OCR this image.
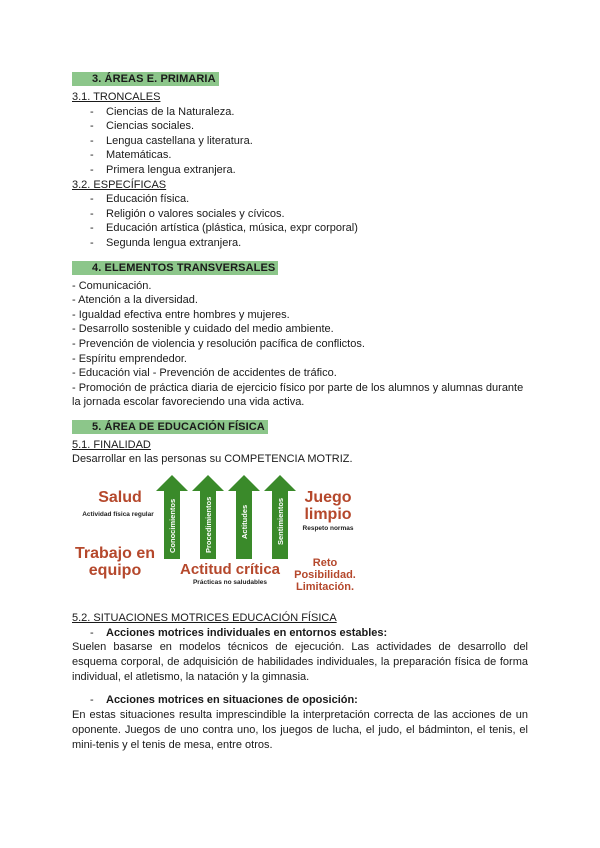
3. ÁREAS E. PRIMARIA
3.1. TRONCALES
- Ciencias de la Naturaleza.
- Ciencias sociales.
- Lengua castellana y literatura.
- Matemáticas.
- Primera lengua extranjera.
3.2. ESPECÍFICAS
- Educación física.
- Religión o valores sociales y cívicos.
- Educación artística (plástica, música, expr corporal)
- Segunda lengua extranjera.
4. ELEMENTOS TRANSVERSALES
- Comunicación.
- Atención a la diversidad.
- Igualdad efectiva entre hombres y mujeres.
- Desarrollo sostenible y cuidado del medio ambiente.
- Prevención de violencia y resolución pacífica de conflictos.
- Espíritu emprendedor.
- Educación vial - Prevención de accidentes de tráfico.
- Promoción de práctica diaria de ejercicio físico por parte de los alumnos y alumnas durante
la jornada escolar favoreciendo una vida activa.
5. ÁREA DE EDUCACIÓN FÍSICA
5.1. FINALIDAD
Desarrollar en las personas su COMPETENCIA MOTRIZ.
Conocimientos	Procedimientos	Actitudes	Sentimientos
Salud
Actividad física regular
Juego
limpio
Respeto normas
Trabajo en
equipo	Actitud crítica
Prácticas no saludables
Reto
Posibilidad.
Limitación.
5.2. SITUACIONES MOTRICES EDUCACIÓN FÍSICA
- Acciones motrices individuales en entornos estables:
Suelen basarse en modelos técnicos de ejecución. Las actividades de desarrollo del esquema corporal, de adquisición de habilidades individuales, la preparación física de forma individual, el atletismo, la natación y la gimnasia.
- Acciones motrices en situaciones de oposición:
En estas situaciones resulta imprescindible la interpretación correcta de las acciones de un oponente. Juegos de uno contra uno, los juegos de lucha, el judo, el bádminton, el tenis, el mini-tenis y el tenis de mesa, entre otros.
